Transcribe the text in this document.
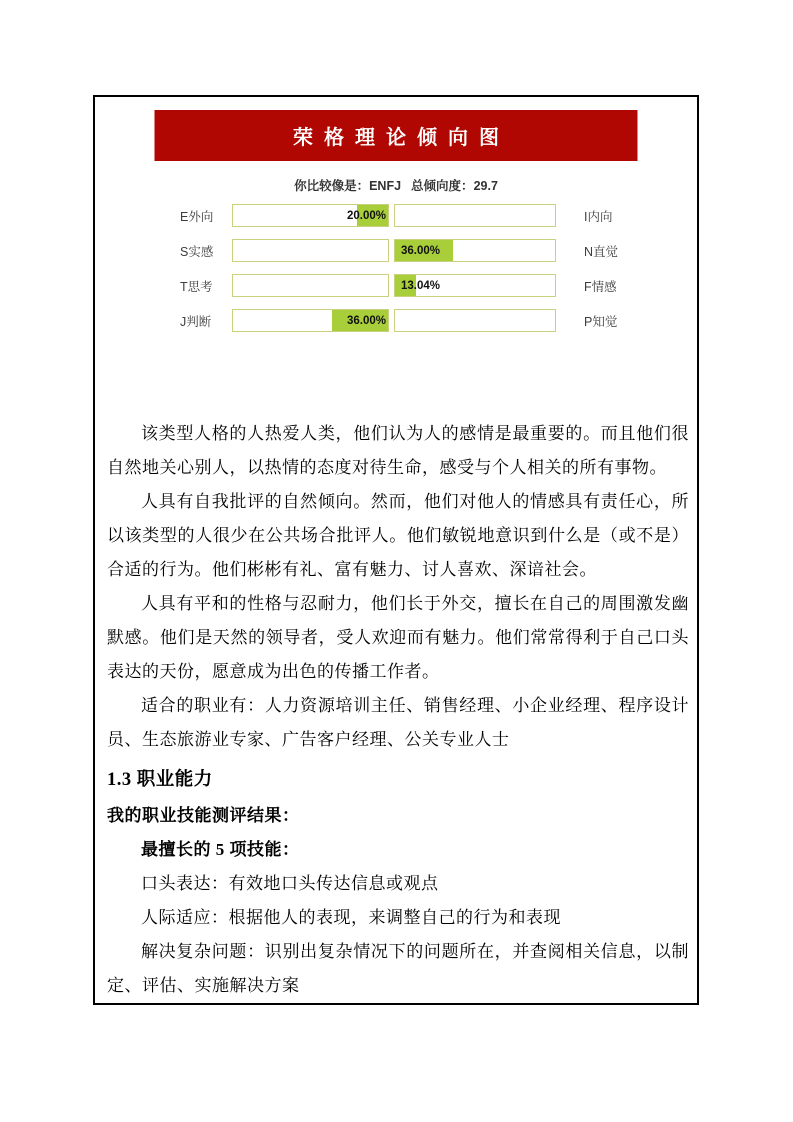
荣格理论倾向图
你比较像是：ENFJ 总倾向度：29.7
E外向	20.00%	I内向
S实感	36.00%	N直觉
T思考	13.04%	F情感
J判断	36.00%	P知觉

该类型人格的人热爱人类，他们认为人的感情是最重要的。而且他们很自然地关心别人，以热情的态度对待生命，感受与个人相关的所有事物。

人具有自我批评的自然倾向。然而，他们对他人的情感具有责任心，所以该类型的人很少在公共场合批评人。他们敏锐地意识到什么是（或不是）合适的行为。他们彬彬有礼、富有魅力、讨人喜欢、深谙社会。

人具有平和的性格与忍耐力，他们长于外交，擅长在自己的周围激发幽默感。他们是天然的领导者，受人欢迎而有魅力。他们常常得利于自己口头表达的天份，愿意成为出色的传播工作者。

适合的职业有：人力资源培训主任、销售经理、小企业经理、程序设计员、生态旅游业专家、广告客户经理、公关专业人士

1.3 职业能力

我的职业技能测评结果：

最擅长的 5 项技能：

口头表达：有效地口头传达信息或观点

人际适应：根据他人的表现，来调整自己的行为和表现

解决复杂问题：识别出复杂情况下的问题所在，并查阅相关信息，以制定、评估、实施解决方案
